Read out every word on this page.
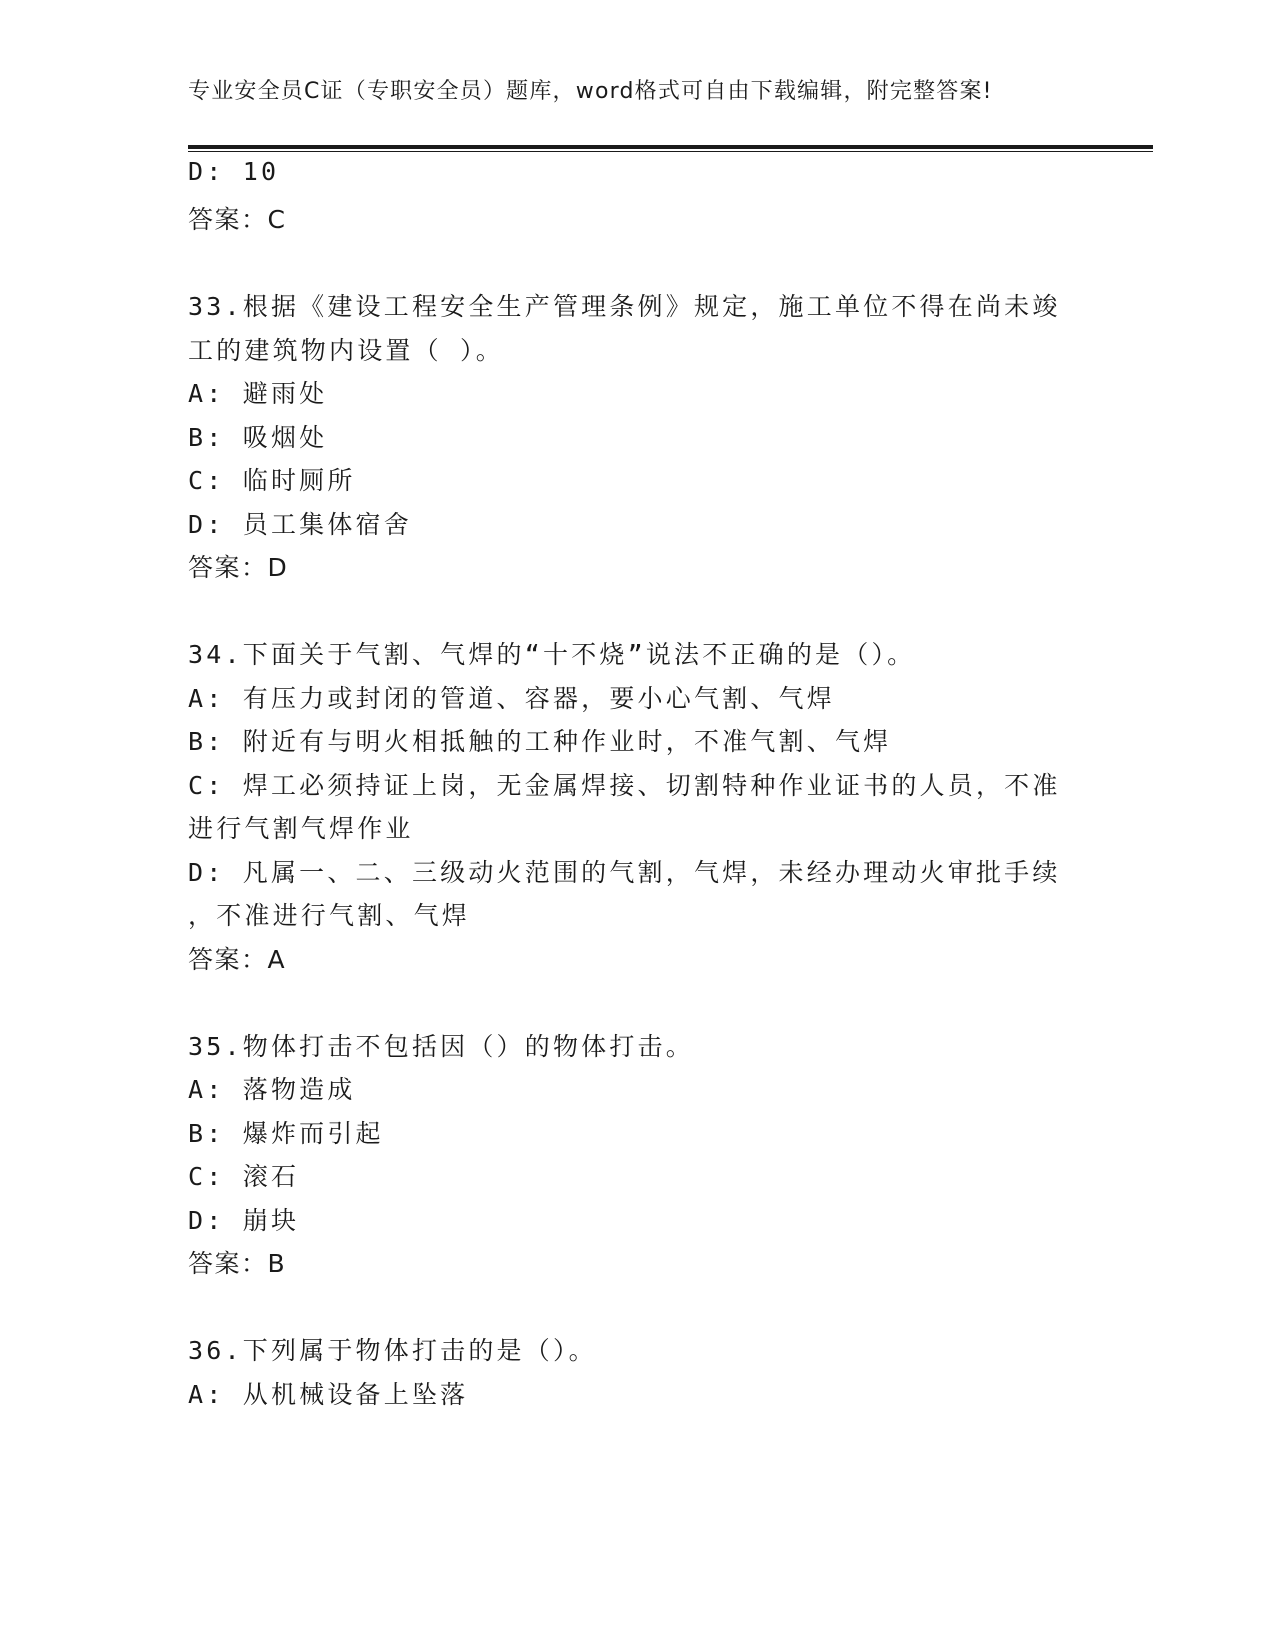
专业安全员C证（专职安全员）题库，word格式可自由下载编辑，附完整答案!
D: 10
答案：C
33.根据《建设工程安全生产管理条例》规定，施工单位不得在尚未竣
工的建筑物内设置（ ）。
A: 避雨处
B: 吸烟处
C: 临时厕所
D: 员工集体宿舍
答案：D
34.下面关于气割、气焊的“十不烧”说法不正确的是（）。
A: 有压力或封闭的管道、容器，要小心气割、气焊
B: 附近有与明火相抵触的工种作业时，不准气割、气焊
C: 焊工必须持证上岗，无金属焊接、切割特种作业证书的人员，不准
进行气割气焊作业
D: 凡属一、二、三级动火范围的气割，气焊，未经办理动火审批手续
，不准进行气割、气焊
答案：A
35.物体打击不包括因（）的物体打击。
A: 落物造成
B: 爆炸而引起
C: 滚石
D: 崩块
答案：B
36.下列属于物体打击的是（）。
A: 从机械设备上坠落
